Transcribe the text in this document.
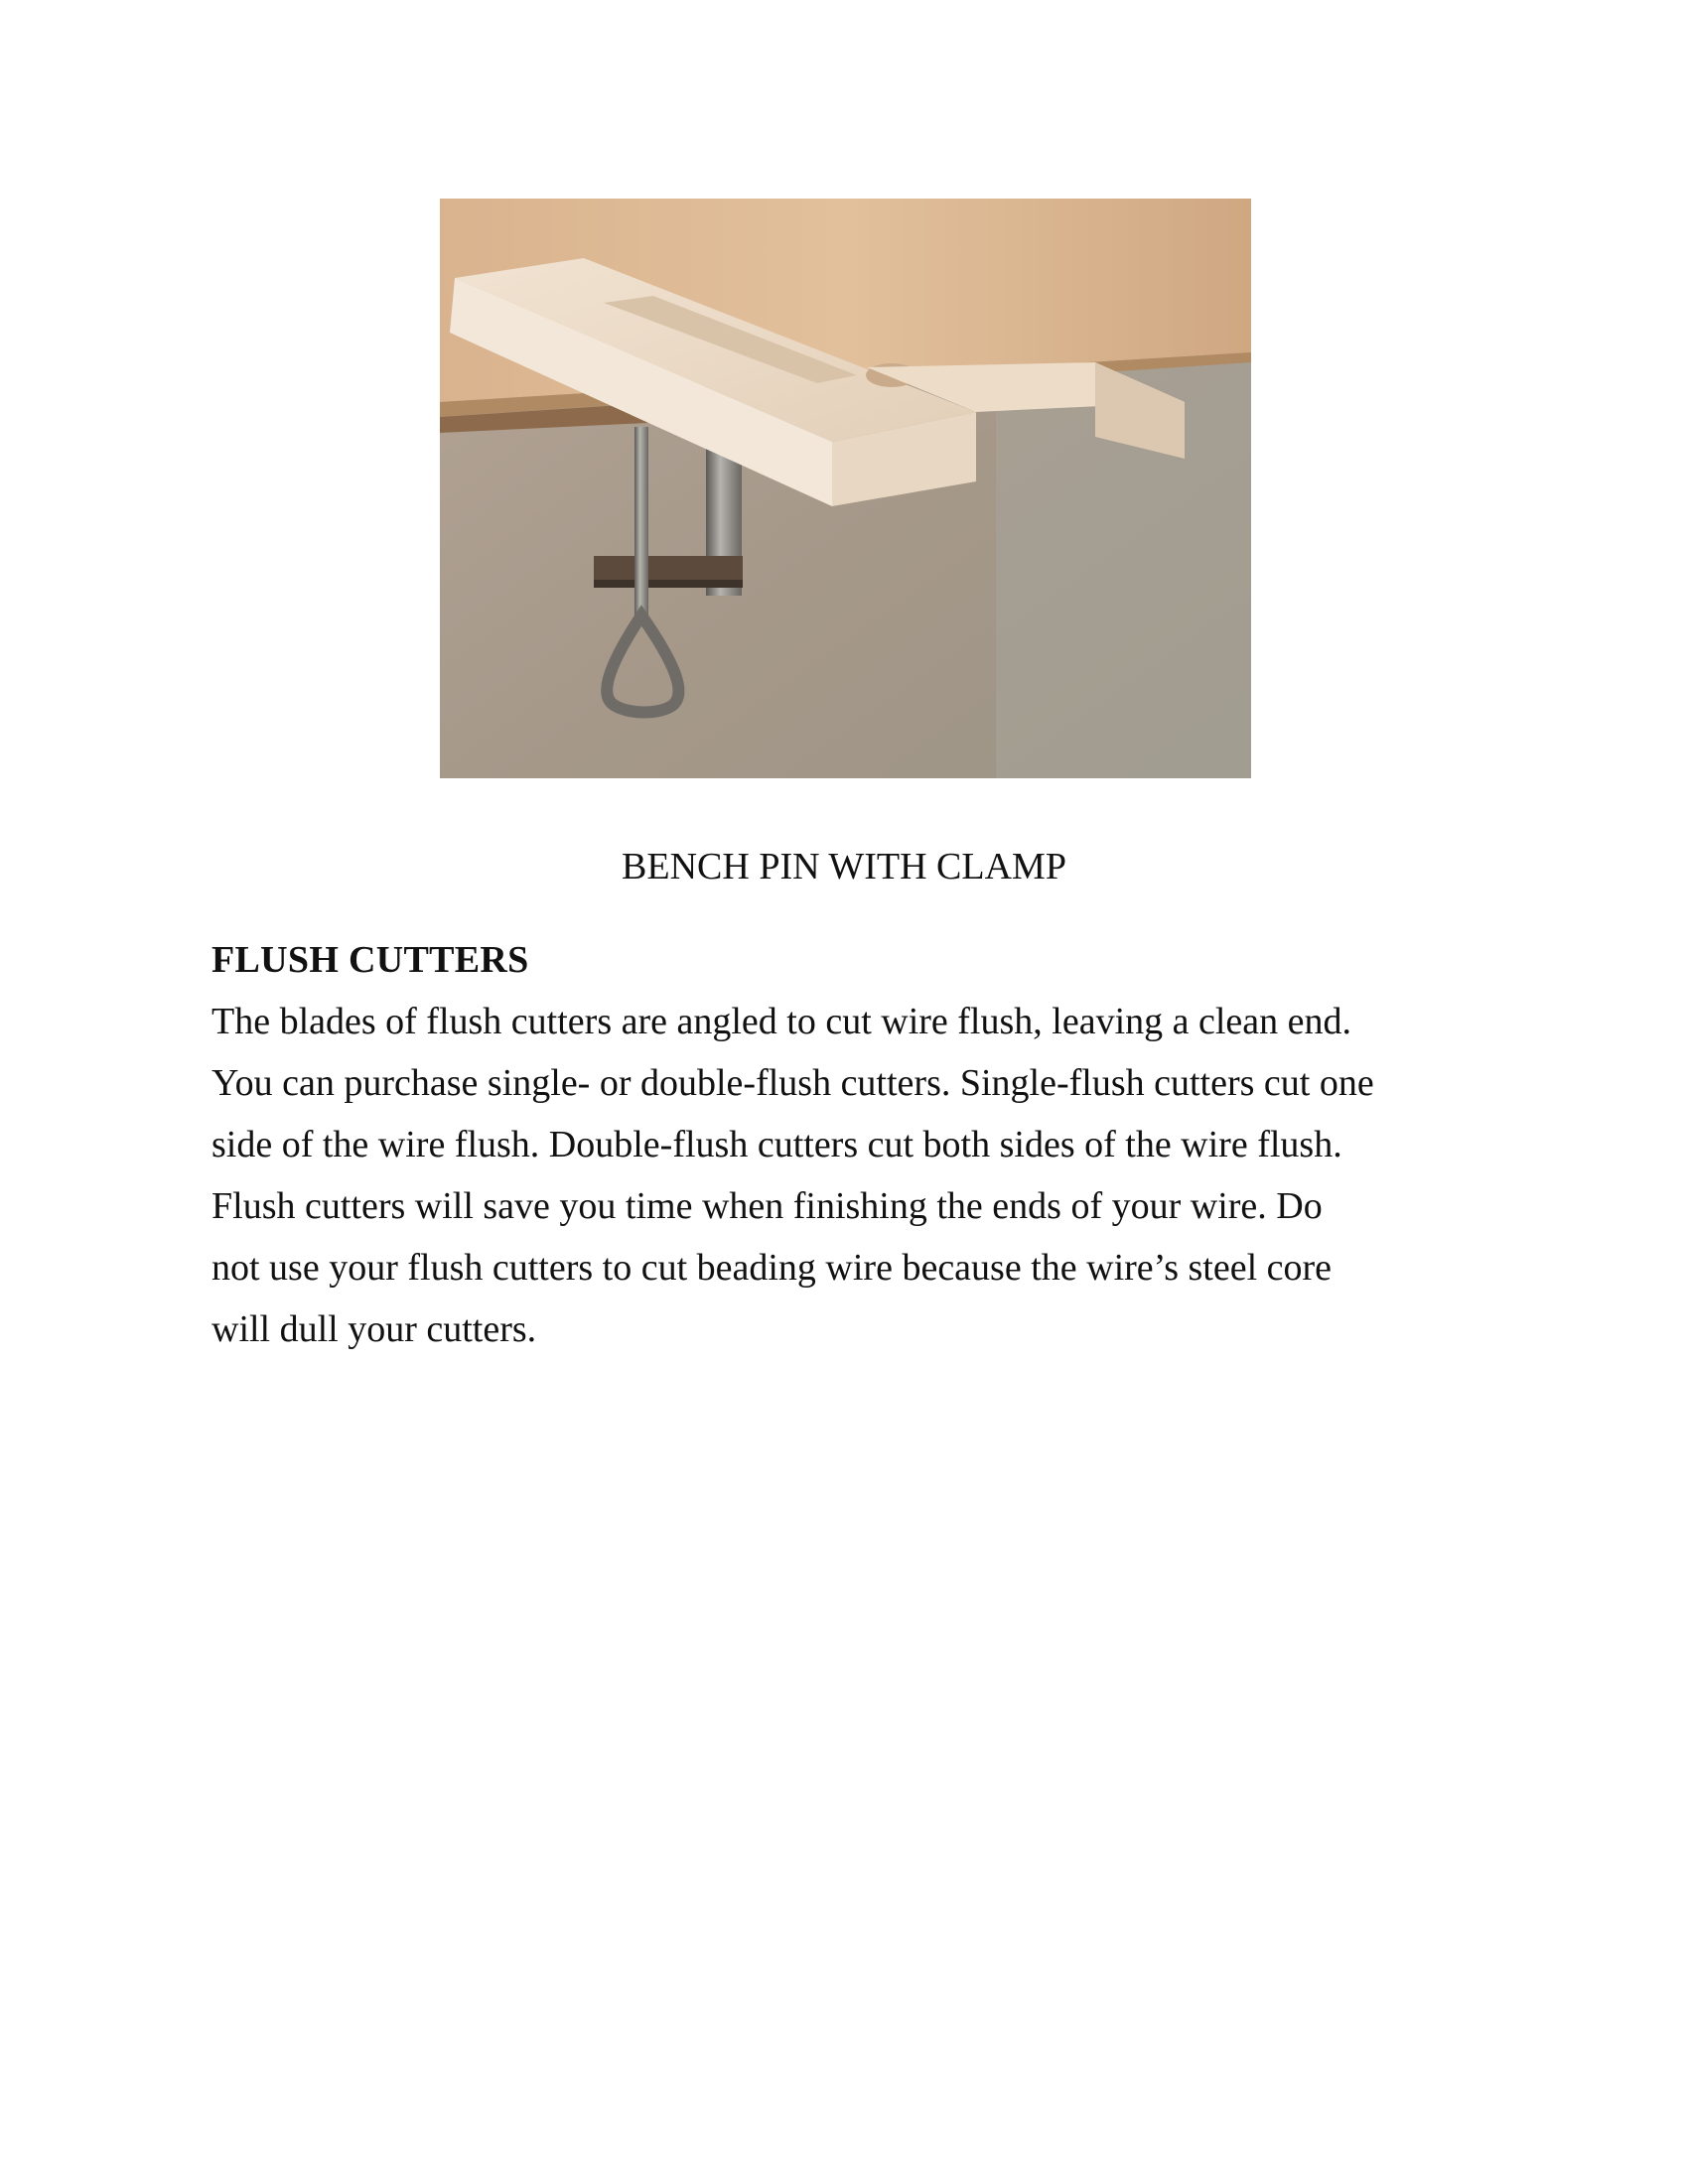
BENCH PIN WITH CLAMP

FLUSH CUTTERS

The blades of flush cutters are angled to cut wire flush, leaving a clean end.
You can purchase single- or double-flush cutters. Single-flush cutters cut one
side of the wire flush. Double-flush cutters cut both sides of the wire flush.
Flush cutters will save you time when finishing the ends of your wire. Do
not use your flush cutters to cut beading wire because the wire’s steel core
will dull your cutters.
